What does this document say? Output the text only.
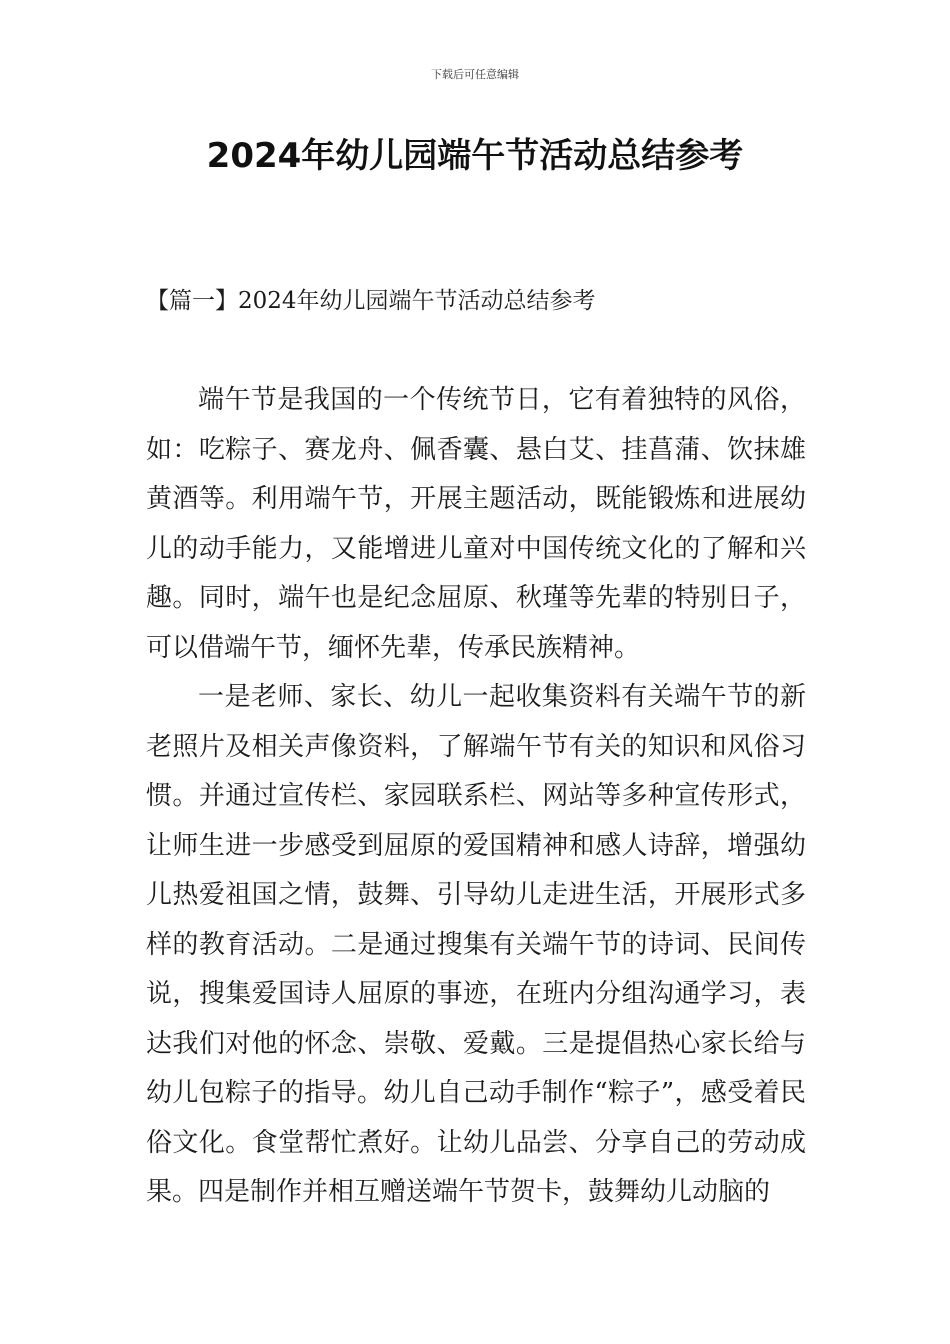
下载后可任意编辑
2024年幼儿园端午节活动总结参考
【篇一】2024年幼儿园端午节活动总结参考

端午节是我国的一个传统节日，它有着独特的风俗，如：吃粽子、赛龙舟、佩香囊、悬白艾、挂菖蒲、饮抹雄黄酒等。利用端午节，开展主题活动，既能锻炼和进展幼儿的动手能力，又能增进儿童对中国传统文化的了解和兴趣。同时，端午也是纪念屈原、秋瑾等先辈的特别日子，可以借端午节，缅怀先辈，传承民族精神。

一是老师、家长、幼儿一起收集资料有关端午节的新老照片及相关声像资料，了解端午节有关的知识和风俗习惯。并通过宣传栏、家园联系栏、网站等多种宣传形式，让师生进一步感受到屈原的爱国精神和感人诗辞，增强幼儿热爱祖国之情，鼓舞、引导幼儿走进生活，开展形式多样的教育活动。二是通过搜集有关端午节的诗词、民间传说，搜集爱国诗人屈原的事迹，在班内分组沟通学习，表达我们对他的怀念、崇敬、爱戴。三是提倡热心家长给与幼儿包粽子的指导。幼儿自己动手制作“粽子”，感受着民俗文化。食堂帮忙煮好。让幼儿品尝、分享自己的劳动成果。四是制作并相互赠送端午节贺卡，鼓舞幼儿动脑的
